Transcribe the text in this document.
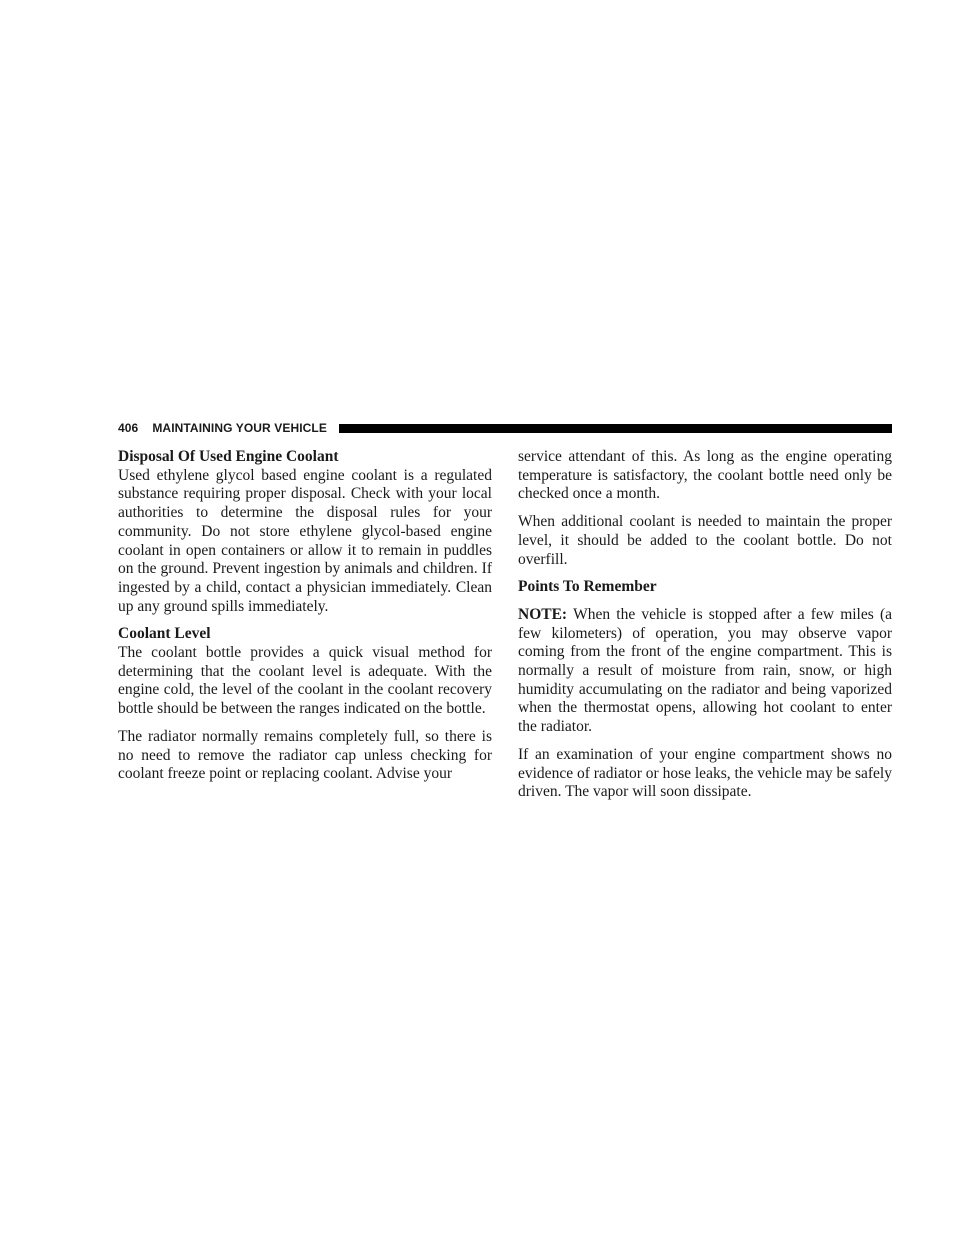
406 MAINTAINING YOUR VEHICLE
Disposal Of Used Engine Coolant

Used ethylene glycol based engine coolant is a regulated substance requiring proper disposal. Check with your local authorities to determine the disposal rules for your community. Do not store ethylene glycol-based engine coolant in open containers or allow it to remain in puddles on the ground. Prevent ingestion by animals and children. If ingested by a child, contact a physician immediately. Clean up any ground spills immediately.

Coolant Level

The coolant bottle provides a quick visual method for determining that the coolant level is adequate. With the engine cold, the level of the coolant in the coolant recovery bottle should be between the ranges indicated on the bottle.

The radiator normally remains completely full, so there is no need to remove the radiator cap unless checking for coolant freeze point or replacing coolant. Advise your

service attendant of this. As long as the engine operating temperature is satisfactory, the coolant bottle need only be checked once a month.

When additional coolant is needed to maintain the proper level, it should be added to the coolant bottle. Do not overfill.

Points To Remember

NOTE: When the vehicle is stopped after a few miles (a few kilometers) of operation, you may observe vapor coming from the front of the engine compartment. This is normally a result of moisture from rain, snow, or high humidity accumulating on the radiator and being vaporized when the thermostat opens, allowing hot coolant to enter the radiator.

If an examination of your engine compartment shows no evidence of radiator or hose leaks, the vehicle may be safely driven. The vapor will soon dissipate.
